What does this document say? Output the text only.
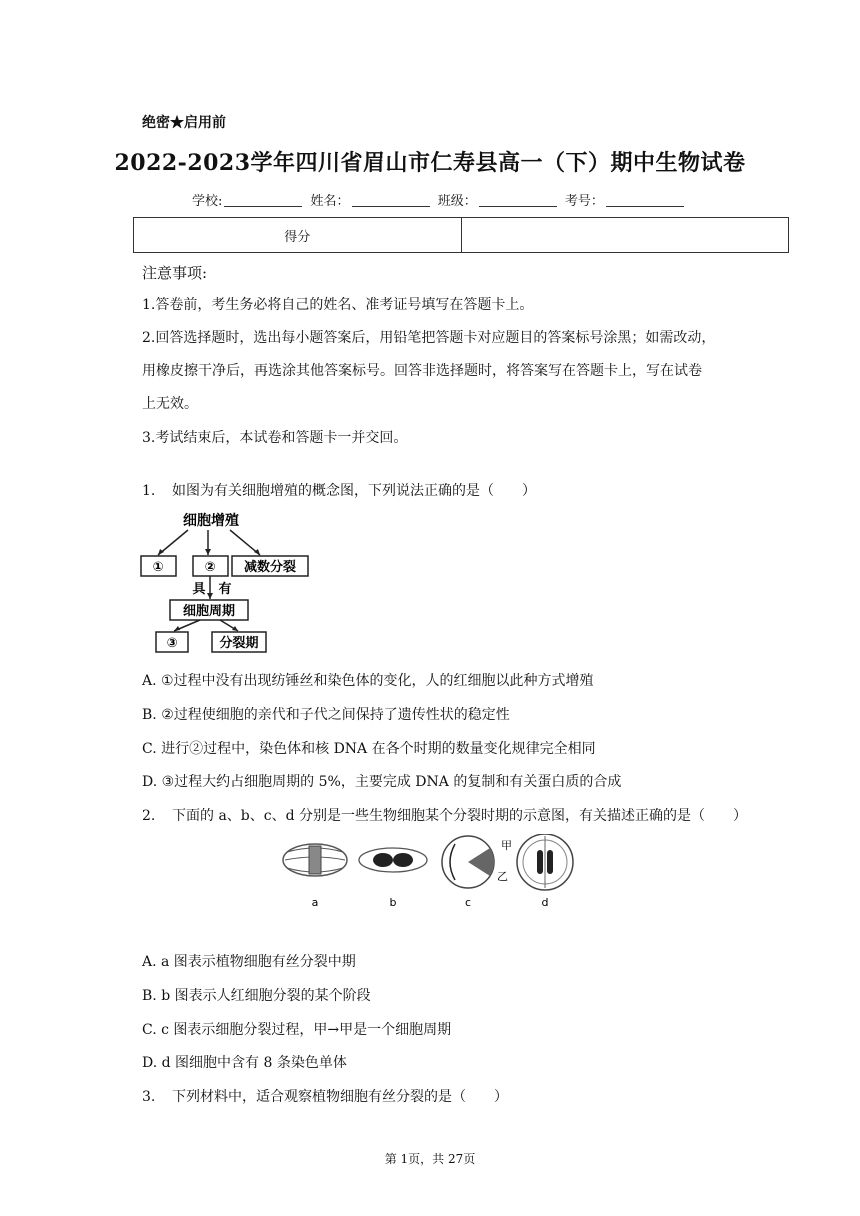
绝密★启用前
2022-2023学年四川省眉山市仁寿县高一（下）期中生物试卷
学校:	姓名：	班级：	考号：
得分
注意事项:
1.答卷前，考生务必将自己的姓名、准考证号填写在答题卡上。
2.回答选择题时，选出每小题答案后，用铅笔把答题卡对应题目的答案标号涂黑；如需改动，
用橡皮擦干净后，再选涂其他答案标号。回答非选择题时，将答案写在答题卡上，写在试卷
上无效。
3.考试结束后，本试卷和答题卡一并交回。
1. 如图为有关细胞增殖的概念图，下列说法正确的是（　　）
细胞增殖
①	② 减数分裂
具　有
细胞周期
③	分裂期
A. ①过程中没有出现纺锤丝和染色体的变化，人的红细胞以此种方式增殖
B. ②过程使细胞的亲代和子代之间保持了遗传性状的稳定性
C. 进行②过程中，染色体和核 DNA 在各个时期的数量变化规律完全相同
D. ③过程大约占细胞周期的 5%，主要完成 DNA 的复制和有关蛋白质的合成
2. 下面的 a、b、c、d 分别是一些生物细胞某个分裂时期的示意图，有关描述正确的是（　　）
a	b
甲
乙
c	d
A. a 图表示植物细胞有丝分裂中期
B. b 图表示人红细胞分裂的某个阶段
C. c 图表示细胞分裂过程，甲→甲是一个细胞周期
D. d 图细胞中含有 8 条染色单体
3. 下列材料中，适合观察植物细胞有丝分裂的是（　　）
第 1页，共 27页
